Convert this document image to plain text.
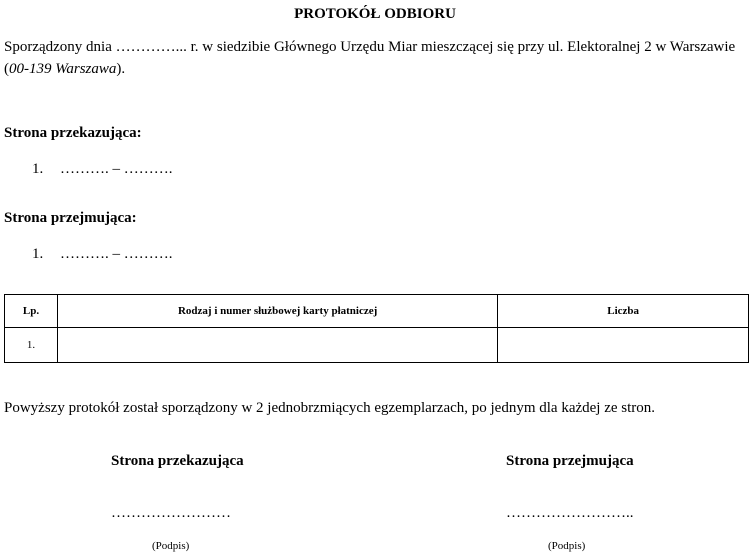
PROTOKÓŁ ODBIORU
Sporządzony dnia …………... r. w siedzibie Głównego Urzędu Miar mieszczącej się przy ul. Elektoralnej 2 w Warszawie
(00-139 Warszawa).
Strona przekazująca:
1. ………. – ……….
Strona przejmująca:
1. ………. – ……….
Lp.	Rodzaj i numer służbowej karty płatniczej	Liczba
1.		
Powyższy protokół został sporządzony w 2 jednobrzmiących egzemplarzach, po jednym dla każdej ze stron.
Strona przekazująca
……………………
(Podpis)
Strona przejmująca
……………………..
(Podpis)
